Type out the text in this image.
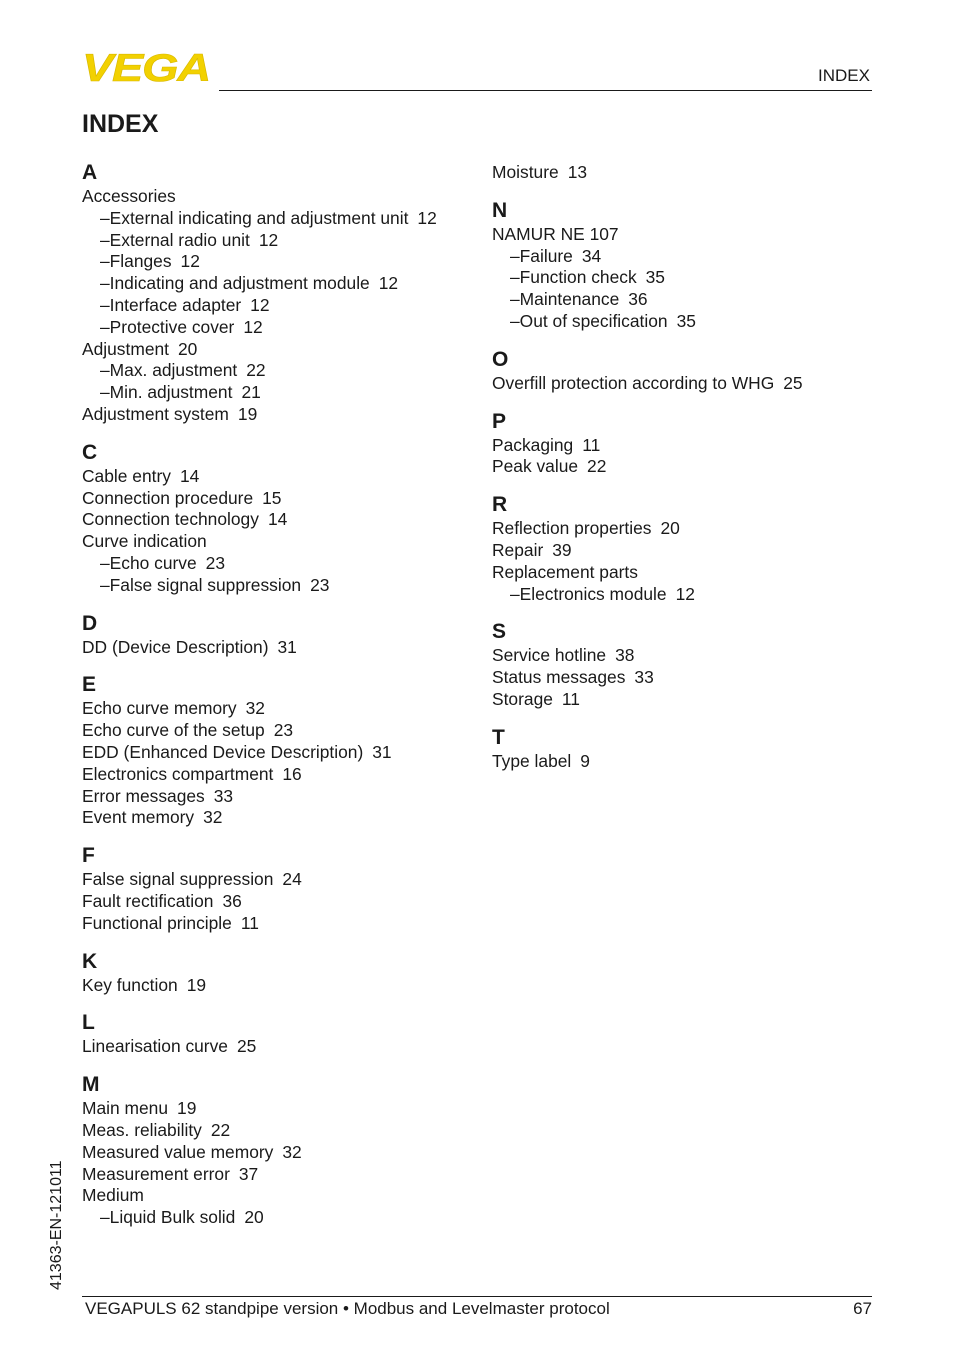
VEGA	INDEX
INDEX
A
Accessories
– External indicating and adjustment unit 12
– External radio unit 12
– Flanges 12
– Indicating and adjustment module 12
– Interface adapter 12
– Protective cover 12
Adjustment 20
– Max. adjustment 22
– Min. adjustment 21
Adjustment system 19
C
Cable entry 14
Connection procedure 15
Connection technology 14
Curve indication
– Echo curve 23
– False signal suppression 23
D
DD (Device Description) 31
E
Echo curve memory 32
Echo curve of the setup 23
EDD (Enhanced Device Description) 31
Electronics compartment 16
Error messages 33
Event memory 32
F
False signal suppression 24
Fault rectification 36
Functional principle 11
K
Key function 19
L
Linearisation curve 25
M
Main menu 19
Meas. reliability 22
Measured value memory 32
Measurement error 37
Medium
– Liquid Bulk solid 20
Moisture 13
N
NAMUR NE 107
– Failure 34
– Function check 35
– Maintenance 36
– Out of specification 35
O
Overfill protection according to WHG 25
P
Packaging 11
Peak value 22
R
Reflection properties 20
Repair 39
Replacement parts
– Electronics module 12
S
Service hotline 38
Status messages 33
Storage 11
T
Type label 9
41363-EN-121011
VEGAPULS 62 standpipe version • Modbus and Levelmaster protocol	67
